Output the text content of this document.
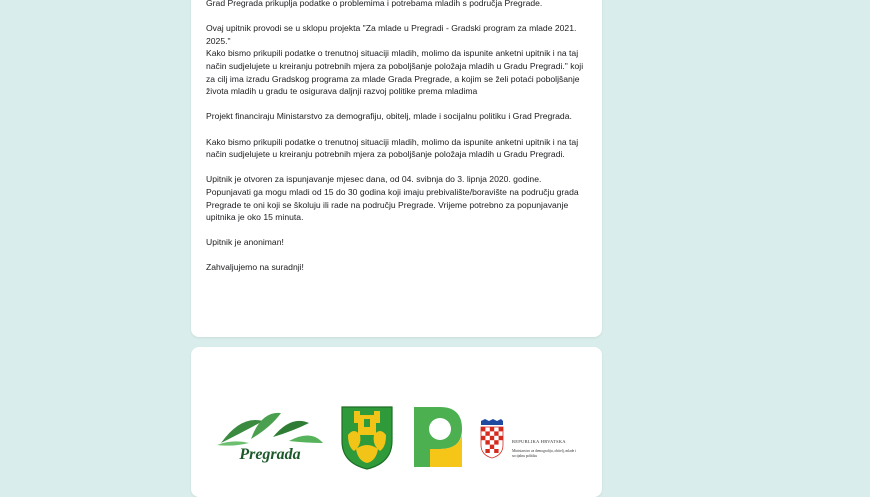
Grad Pregrada prikuplja podatke o problemima i potrebama mladih s područja Pregrade.

Ovaj upitnik provodi se u sklopu projekta "Za mlade u Pregradi - Gradski program za mlade 2021. 2025."
Kako bismo prikupili podatke o trenutnoj situaciji mladih, molimo da ispunite anketni upitnik i na taj način sudjelujete u kreiranju potrebnih mjera za poboljšanje položaja mladih u Gradu Pregradi." koji za cilj ima izradu Gradskog programa za mlade Grada Pregrade, a kojim se želi potaći poboljšanje života mladih u gradu te osigurava daljnji razvoj politike prema mladima

Projekt financiraju Ministarstvo za demografiju, obitelj, mlade i socijalnu politiku i Grad Pregrada.

Kako bismo prikupili podatke o trenutnoj situaciji mladih, molimo da ispunite anketni upitnik i na taj način sudjelujete u kreiranju potrebnih mjera za poboljšanje položaja mladih u Gradu Pregradi.

Upitnik je otvoren za ispunjavanje mjesec dana, od 04. svibnja do 3. lipnja 2020. godine.
Popunjavati ga mogu mladi od 15 do 30 godina koji imaju prebivalište/boravište na području grada Pregrade te oni koji se školuju ili rade na području Pregrade. Vrijeme potrebno za popunjavanje upitnika je oko 15 minuta.

Upitnik je anoniman!

Zahvaljujemo na suradnji!

Pregrada
REPUBLIKA HRVATSKA
Ministarstvo za demografiju, obitelj, mlade i socijalnu politiku
